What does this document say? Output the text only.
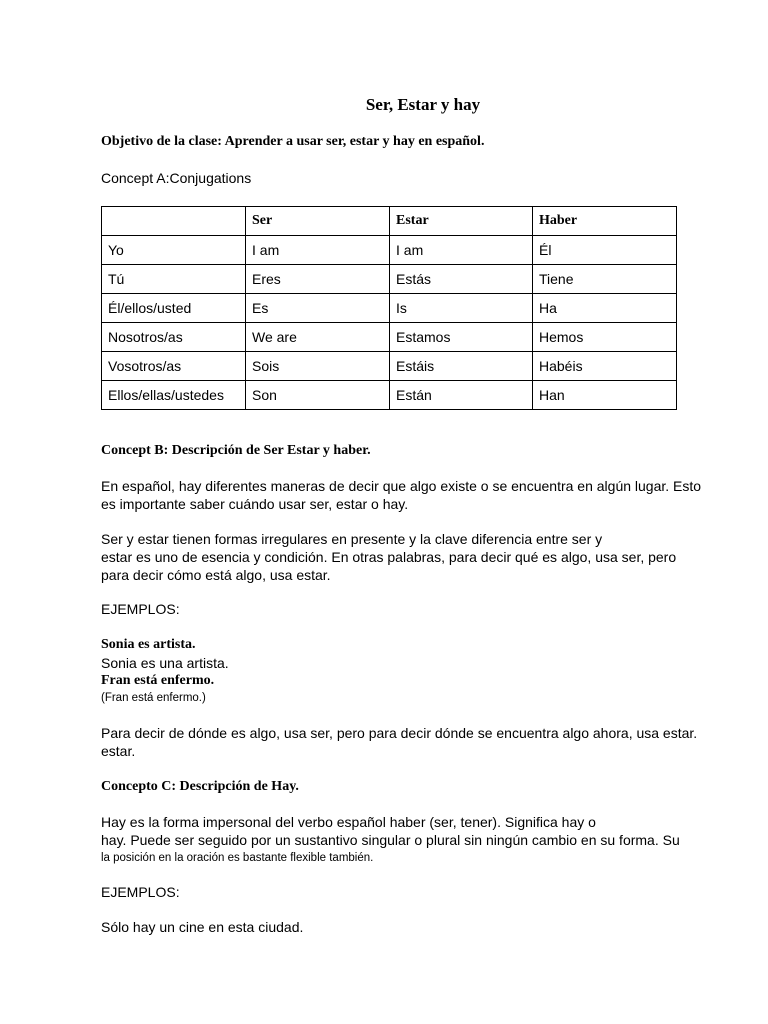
Ser, Estar y hay
Objetivo de la clase: Aprender a usar ser, estar y hay en español.
Concept A:Conjugations
	Ser	Estar	Haber
Yo	I am	I am	Él
Tú	Eres	Estás	Tiene
Él/ellos/usted	Es	Is	Ha
Nosotros/as	We are	Estamos	Hemos
Vosotros/as	Sois	Estáis	Habéis
Ellos/ellas/ustedes	Son	Están	Han
Concept B: Descripción de Ser Estar y haber.
En español, hay diferentes maneras de decir que algo existe o se encuentra en algún lugar. Esto
es importante saber cuándo usar ser, estar o hay.
Ser y estar tienen formas irregulares en presente y la clave diferencia entre ser y
estar es uno de esencia y condición. En otras palabras, para decir qué es algo, usa ser, pero
para decir cómo está algo, usa estar.
EJEMPLOS:
Sonia es artista.
Sonia es una artista.
Fran está enfermo.
(Fran está enfermo.)
Para decir de dónde es algo, usa ser, pero para decir dónde se encuentra algo ahora, usa estar.
estar.
Concepto C: Descripción de Hay.
Hay es la forma impersonal del verbo español haber (ser, tener). Significa hay o
hay. Puede ser seguido por un sustantivo singular o plural sin ningún cambio en su forma. Su
la posición en la oración es bastante flexible también.
EJEMPLOS:
Sólo hay un cine en esta ciudad.
